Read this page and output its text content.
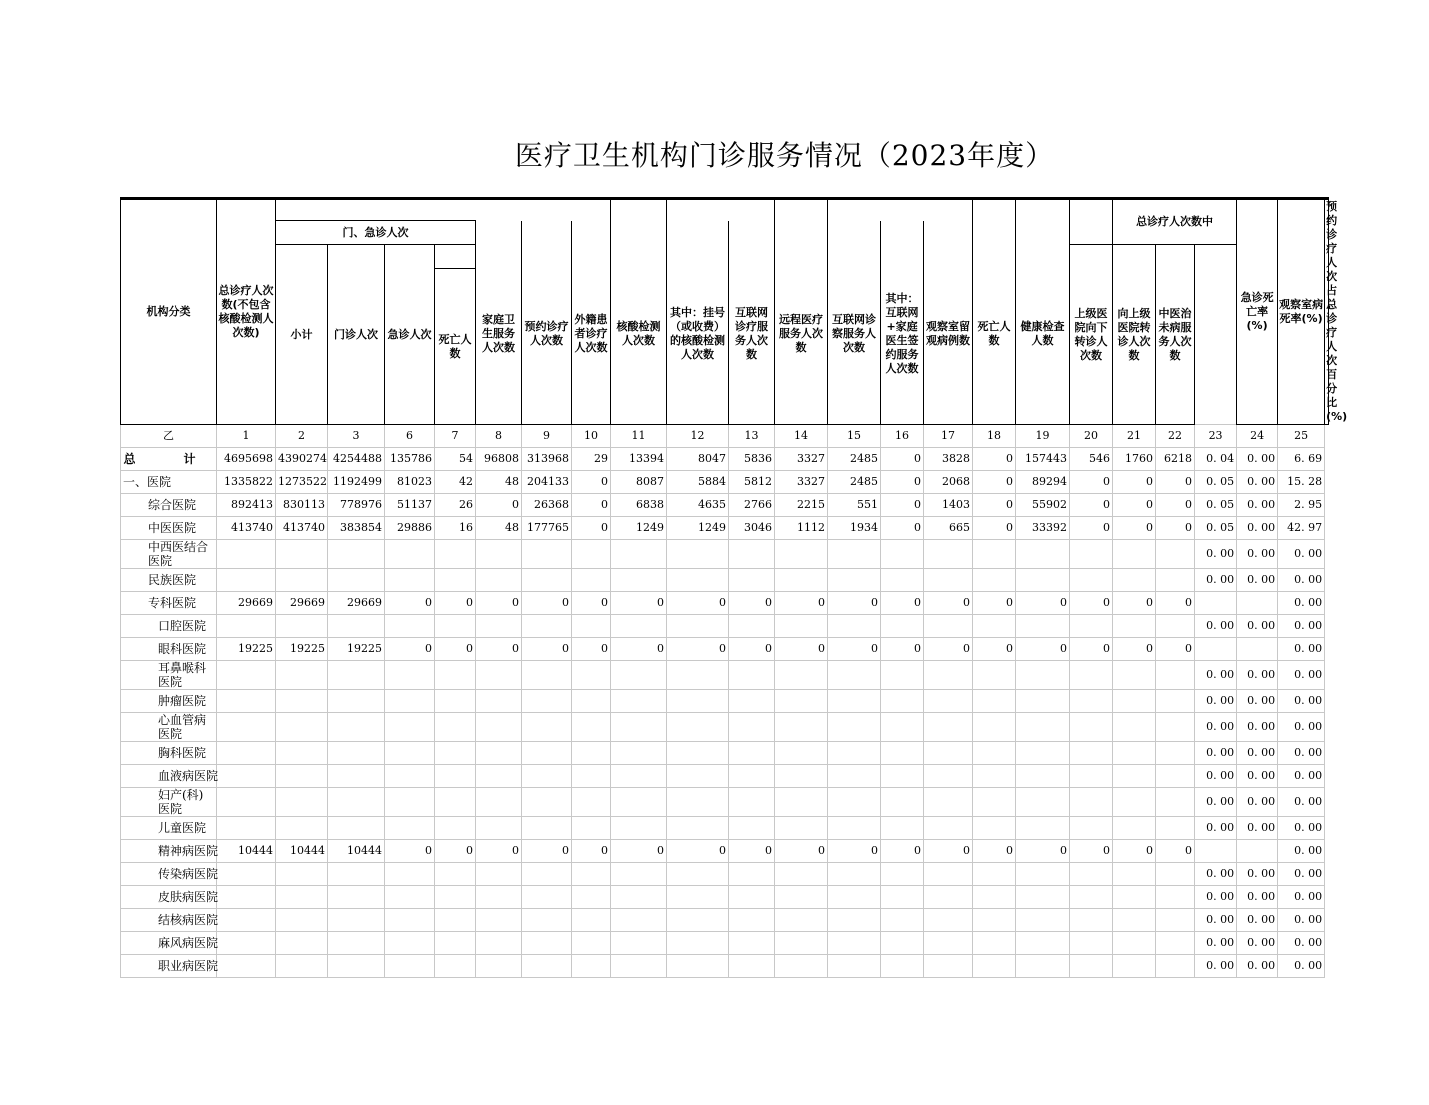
医疗卫生机构门诊服务情况（2023年度）
机构分类	总诊疗人次数(不包含核酸检测人次数)																		总诊疗人次数中			急诊死亡率(%)	观察室病死率(%)	预约诊疗人次占总诊疗人次百分比(%)
		门、急诊人次																						
		小计	门诊人次	急诊人次		家庭卫生服务人次数	预约诊疗人次数	外籍患者诊疗人次数	核酸检测人次数	其中：挂号（或收费）的核酸检测人次数	互联网诊疗服务人次数	远程医疗服务人次数	互联网诊察服务人次数	其中：互联网+家庭医生签约服务人次数	观察室留观病例数	死亡人数	健康检查人数	上级医院向下转诊人次数	向上级医院转诊人次数	中医治未病服务人次数				
					死亡人数																			
乙	1	2	3	6	7	8	9	10	11	12	13	14	15	16	17	18	19	20	21	22	23	24	25	
总　计	4695698	4390274	4254488	135786	54	96808	313968	29	13394	8047	5836	3327	2485	0	3828	0	157443	546	1760	6218	0. 04	0. 00	6. 69	
一、医院	1335822	1273522	1192499	81023	42	48	204133	0	8087	5884	5812	3327	2485	0	2068	0	89294	0	0	0	0. 05	0. 00	15. 28	
综合医院	892413	830113	778976	51137	26	0	26368	0	6838	4635	2766	2215	551	0	1403	0	55902	0	0	0	0. 05	0. 00	2. 95	
中医医院	413740	413740	383854	29886	16	48	177765	0	1249	1249	3046	1112	1934	0	665	0	33392	0	0	0	0. 05	0. 00	42. 97	
中西医结合医院																					0. 00	0. 00	0. 00	
民族医院																					0. 00	0. 00	0. 00	
专科医院	29669	29669	29669	0	0	0	0	0	0	0	0	0	0	0	0	0	0	0	0	0			0. 00	
口腔医院																					0. 00	0. 00	0. 00	
眼科医院	19225	19225	19225	0	0	0	0	0	0	0	0	0	0	0	0	0	0	0	0	0			0. 00	
耳鼻喉科医院																					0. 00	0. 00	0. 00	
肿瘤医院																					0. 00	0. 00	0. 00	
心血管病医院																					0. 00	0. 00	0. 00	
胸科医院																					0. 00	0. 00	0. 00	
血液病医院																					0. 00	0. 00	0. 00	
妇产(科)医院																					0. 00	0. 00	0. 00	
儿童医院																					0. 00	0. 00	0. 00	
精神病医院	10444	10444	10444	0	0	0	0	0	0	0	0	0	0	0	0	0	0	0	0	0			0. 00	
传染病医院																					0. 00	0. 00	0. 00	
皮肤病医院																					0. 00	0. 00	0. 00	
结核病医院																					0. 00	0. 00	0. 00	
麻风病医院																					0. 00	0. 00	0. 00	
职业病医院																					0. 00	0. 00	0. 00	
